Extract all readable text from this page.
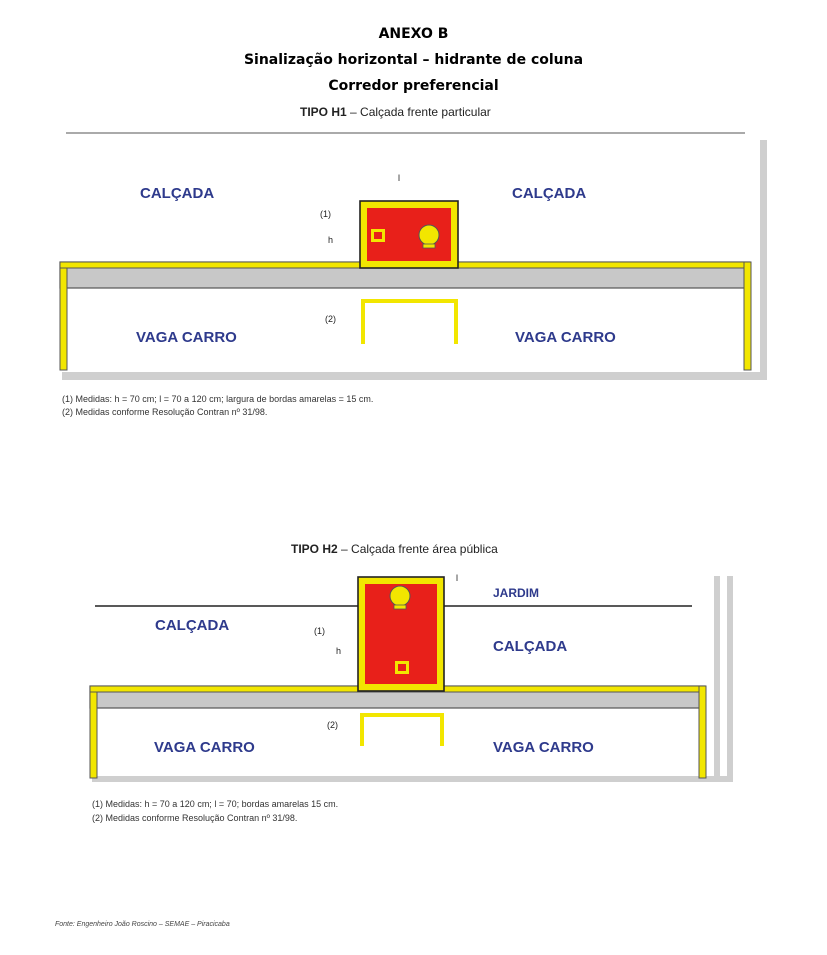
ANEXO B
Sinalização horizontal – hidrante de coluna
Corredor preferencial
TIPO H1 – Calçada frente particular
CALÇADA	CALÇADA
VAGA CARRO	VAGA CARRO
l
(1)
h
(2)
(1) Medidas: h = 70 cm; l = 70 a 120 cm; largura de bordas amarelas = 15 cm.
(2) Medidas conforme Resolução Contran nº 31/98.
TIPO H2 – Calçada frente área pública
JARDIM
CALÇADA
CALÇADA
VAGA CARRO	VAGA CARRO
l
(1)
h
(2)
(1) Medidas: h = 70 a 120 cm; l = 70; bordas amarelas 15 cm.
(2) Medidas conforme Resolução Contran nº 31/98.
Fonte: Engenheiro João Roscino – SEMAE – Piracicaba
